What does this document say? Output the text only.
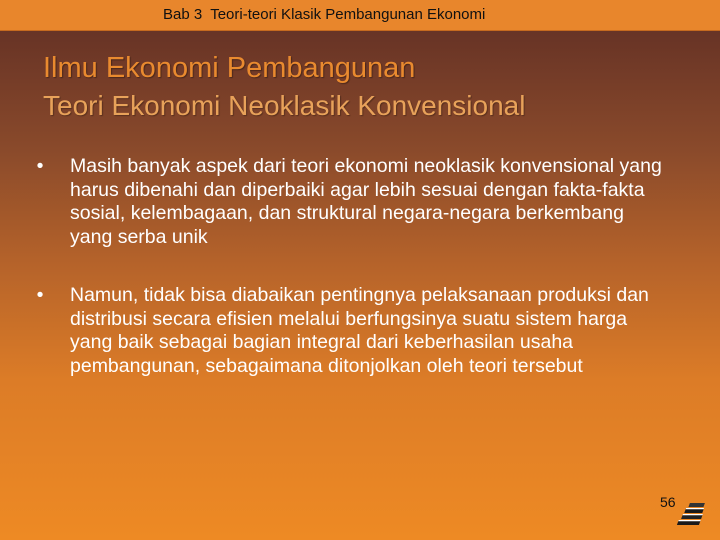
Bab 3 Teori-teori Klasik Pembangunan Ekonomi
Ilmu Ekonomi Pembangunan
Teori Ekonomi Neoklasik Konvensional
•	Masih banyak aspek dari teori ekonomi neoklasik konvensional yang harus dibenahi dan diperbaiki agar lebih sesuai dengan fakta-fakta sosial, kelembagaan, dan struktural negara-negara berkembang yang serba unik
•	Namun, tidak bisa diabaikan pentingnya pelaksanaan produksi dan distribusi secara efisien melalui berfungsinya suatu sistem harga yang baik sebagai bagian integral dari keberhasilan usaha pembangunan, sebagaimana ditonjolkan oleh teori tersebut
56
